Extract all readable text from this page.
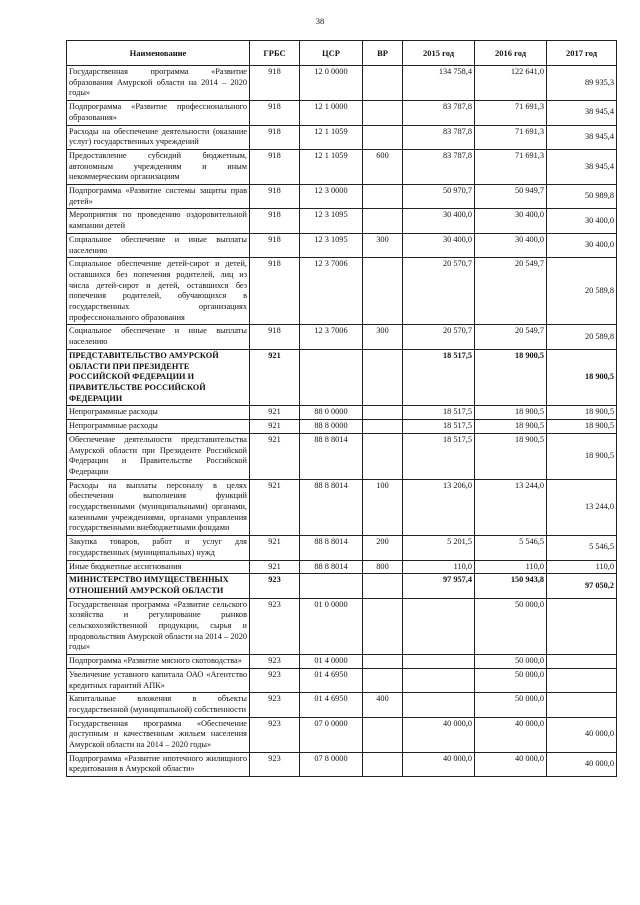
38
Наименование	ГРБС	ЦСР	ВР	2015 год	2016 год	2017 год
Государственная программа «Развитие образования Амурской области на 2014 – 2020 годы»	918	12 0 0000		134 758,4	122 641,0	89 935,3
Подпрограмма «Развитие профессионального образования»	918	12 1 0000		83 787,8	71 691,3	38 945,4
Расходы на обеспечение деятельности (оказание услуг) государственных учреждений	918	12 1 1059		83 787,8	71 691,3	38 945,4
Предоставление субсидий бюджетным, автономным учреждениям и иным некоммерческим организациям	918	12 1 1059	600	83 787,8	71 691,3	38 945,4
Подпрограмма «Развитие системы защиты прав детей»	918	12 3 0000		50 970,7	50 949,7	50 989,8
Мероприятия по проведению оздоровительной кампании детей	918	12 3 1095		30 400,0	30 400,0	30 400,0
Социальное обеспечение и иные выплаты населению	918	12 3 1095	300	30 400,0	30 400,0	30 400,0
Социальное обеспечение детей-сирот и детей, оставшихся без попечения родителей, лиц из числа детей-сирот и детей, оставшихся без попечения родителей, обучающихся в государственных организациях профессионального образования	918	12 3 7006		20 570,7	20 549,7	20 589,8
Социальное обеспечение и иные выплаты населению	918	12 3 7006	300	20 570,7	20 549,7	20 589,8
ПРЕДСТАВИТЕЛЬСТВО АМУРСКОЙ ОБЛАСТИ ПРИ ПРЕЗИДЕНТЕ РОССИЙСКОЙ ФЕДЕРАЦИИ И ПРАВИТЕЛЬСТВЕ РОССИЙСКОЙ ФЕДЕРАЦИИ	921			18 517,5	18 900,5	18 900,5
Непрограммные расходы	921	88 0 0000		18 517,5	18 900,5	18 900,5
Непрограммные расходы	921	88 8 0000		18 517,5	18 900,5	18 900,5
Обеспечение деятельности представительства Амурской области при Президенте Российской Федерации и Правительстве Российской Федерации	921	88 8 8014		18 517,5	18 900,5	18 900,5
Расходы на выплаты персоналу в целях обеспечения выполнения функций государственными (муниципальными) органами, казенными учреждениями, органами управления государственными внебюджетными фондами	921	88 8 8014	100	13 206,0	13 244,0	13 244,0
Закупка товаров, работ и услуг для государственных (муниципальных) нужд	921	88 8 8014	200	5 201,5	5 546,5	5 546,5
Иные бюджетные ассигнования	921	88 8 8014	800	110,0	110,0	110,0
МИНИСТЕРСТВО ИМУЩЕСТВЕННЫХ ОТНОШЕНИЙ АМУРСКОЙ ОБЛАСТИ	923			97 957,4	150 943,8	97 050,2
Государственная программа «Развитие сельского хозяйства и регулирование рынков сельскохозяйственной продукции, сырья и продовольствия Амурской области на 2014 – 2020 годы»	923	01 0 0000			50 000,0	
Подпрограмма «Развитие мясного скотоводства»	923	01 4 0000			50 000,0	
Увеличение уставного капитала ОАО «Агентство кредитных гарантий АПК»	923	01 4 6950			50 000,0	
Капитальные вложения в объекты государственной (муниципальной) собственности	923	01 4 6950	400		50 000,0	
Государственная программа «Обеспечение доступным и качественным жильем населения Амурской области на 2014 – 2020 годы»	923	07 0 0000		40 000,0	40 000,0	40 000,0
Подпрограмма «Развитие ипотечного жилищного кредитования в Амурской области»	923	07 8 0000		40 000,0	40 000,0	40 000,0
